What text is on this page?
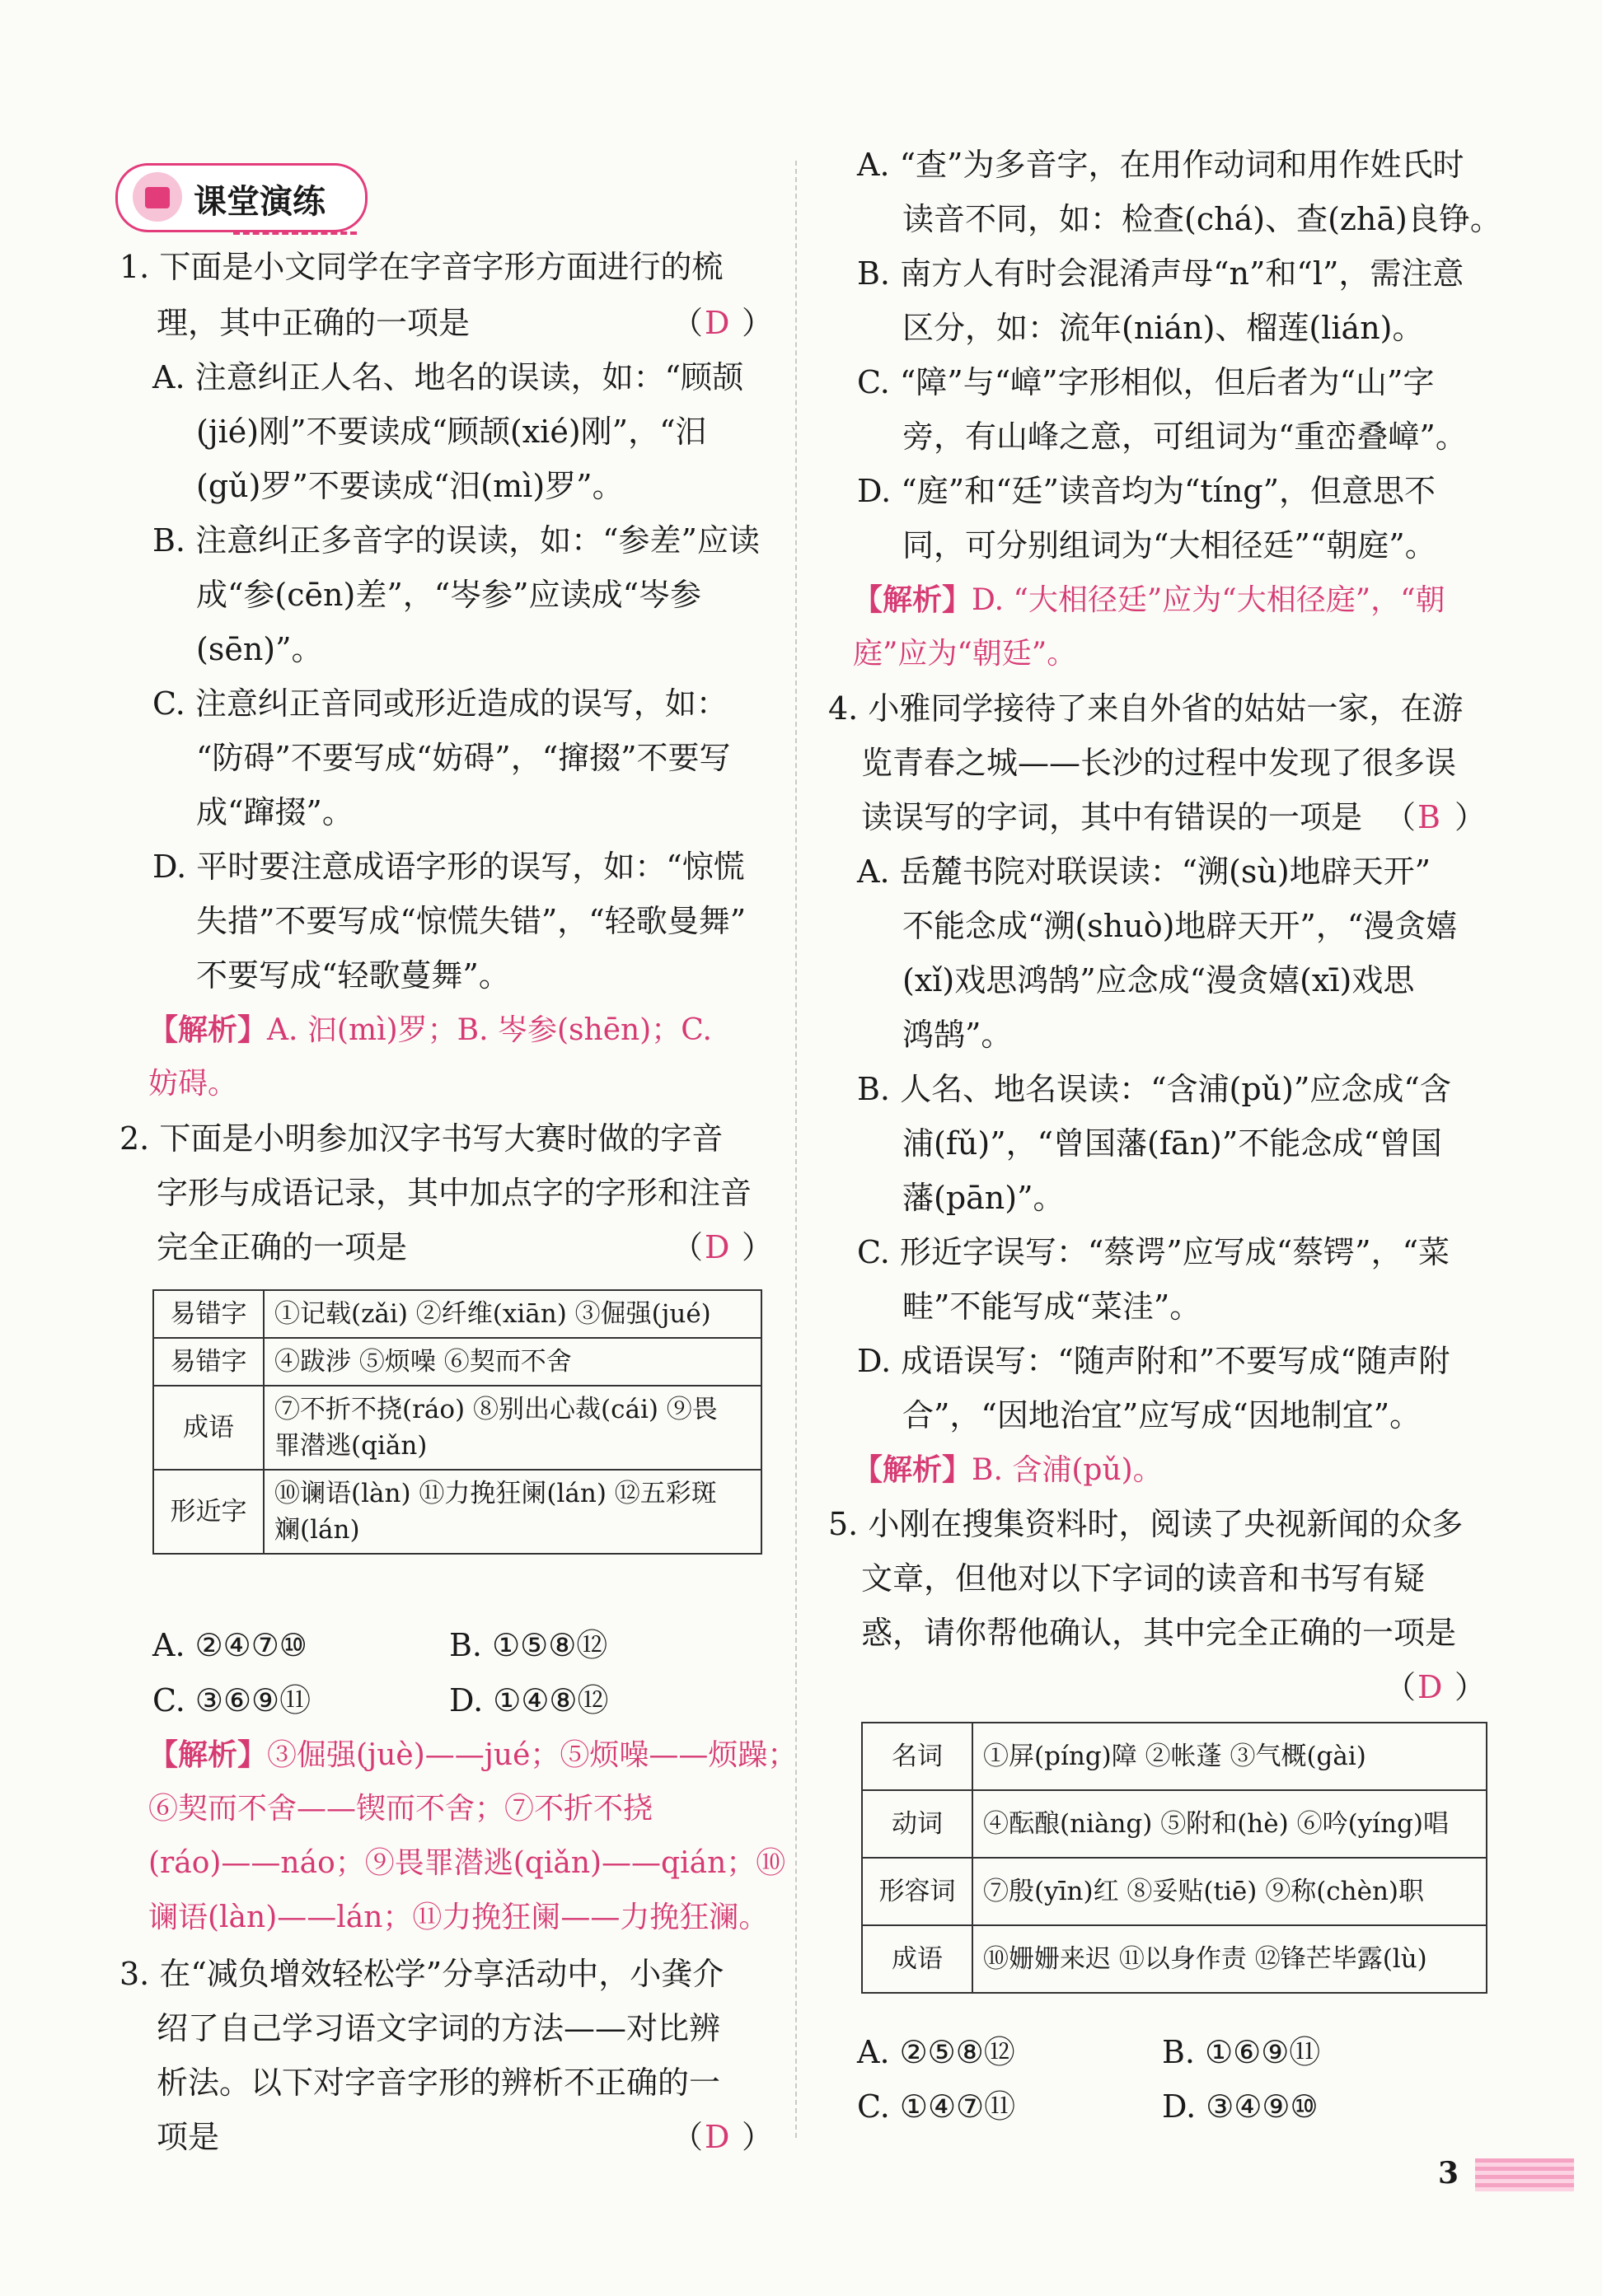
课堂演练
1. 下面是小文同学在字音字形方面进行的梳
理，其中正确的一项是	（ D ）
A. 注意纠正人名、地名的误读，如：“顾颉
(jié)刚”不要读成“顾颉(xié)刚”，“汨
(gǔ)罗”不要读成“汨(mì)罗”。
B. 注意纠正多音字的误读，如：“参差”应读
成“参(cēn)差”，“岑参”应读成“岑参
(sēn)”。
C. 注意纠正音同或形近造成的误写，如：
“防碍”不要写成“妨碍”，“撺掇”不要写
成“蹿掇”。
D. 平时要注意成语字形的误写，如：“惊慌
失措”不要写成“惊慌失错”，“轻歌曼舞”
不要写成“轻歌蔓舞”。
【解析】A. 汩(mì)罗；B. 岑参(shēn)；C.
妨碍。
2. 下面是小明参加汉字书写大赛时做的字音
字形与成语记录，其中加点字的字形和注音
完全正确的一项是	（ D ）
易错字	①记载(zǎi) ②纤维(xiān) ③倔强(jué)
易错字	④跋涉 ⑤烦噪 ⑥契而不舍
成语	⑦不折不挠(ráo) ⑧别出心裁(cái) ⑨畏
罪潜逃(qiǎn)

形近字	⑩谰语(làn) ⑪力挽狂阑(lán) ⑫五彩斑
斓(lán)
A. ②④⑦⑩	B. ①⑤⑧⑫
C. ③⑥⑨⑪	D. ①④⑧⑫
【解析】③倔强(juè)——jué；⑤烦噪——烦躁；
⑥契而不舍——锲而不舍；⑦不折不挠
(ráo)——náo；⑨畏罪潜逃(qiǎn)——qián；⑩
谰语(làn)——lán；⑪力挽狂阑——力挽狂澜。
3. 在“减负增效轻松学”分享活动中，小龚介
绍了自己学习语文字词的方法——对比辨
析法。以下对字音字形的辨析不正确的一
项是	（ D ）
A. “查”为多音字，在用作动词和用作姓氏时
读音不同，如：检查(chá)、查(zhā)良铮。
B. 南方人有时会混淆声母“n”和“l”，需注意
区分，如：流年(nián)、榴莲(lián)。
C. “障”与“嶂”字形相似，但后者为“山”字
旁，有山峰之意，可组词为“重峦叠嶂”。
D. “庭”和“廷”读音均为“tíng”，但意思不
同，可分别组词为“大相径廷”“朝庭”。
【解析】D. “大相径廷”应为“大相径庭”，“朝
庭”应为“朝廷”。
4. 小雅同学接待了来自外省的姑姑一家，在游
览青春之城——长沙的过程中发现了很多误
读误写的字词，其中有错误的一项是 （ B ）
A. 岳麓书院对联误读：“溯(sù)地辟天开”
不能念成“溯(shuò)地辟天开”，“漫贪嬉
(xǐ)戏思鸿鹄”应念成“漫贪嬉(xī)戏思
鸿鹄”。
B. 人名、地名误读：“含浦(pǔ)”应念成“含
浦(fǔ)”，“曾国藩(fān)”不能念成“曾国
藩(pān)”。
C. 形近字误写：“蔡谔”应写成“蔡锷”，“菜
畦”不能写成“菜洼”。
D. 成语误写：“随声附和”不要写成“随声附
合”，“因地治宜”应写成“因地制宜”。
【解析】B. 含浦(pǔ)。
5. 小刚在搜集资料时，阅读了央视新闻的众多
文章，但他对以下字词的读音和书写有疑
惑，请你帮他确认，其中完全正确的一项是
（ D ）
名词	①屏(píng)障 ②帐蓬 ③气概(gài)
动词	④酝酿(niàng) ⑤附和(hè) ⑥吟(yíng)唱
形容词	⑦殷(yīn)红 ⑧妥贴(tiē) ⑨称(chèn)职
成语	⑩姗姗来迟 ⑪以身作责 ⑫锋芒毕露(lù)
A. ②⑤⑧⑫	B. ①⑥⑨⑪
C. ①④⑦⑪	D. ③④⑨⑩
3
